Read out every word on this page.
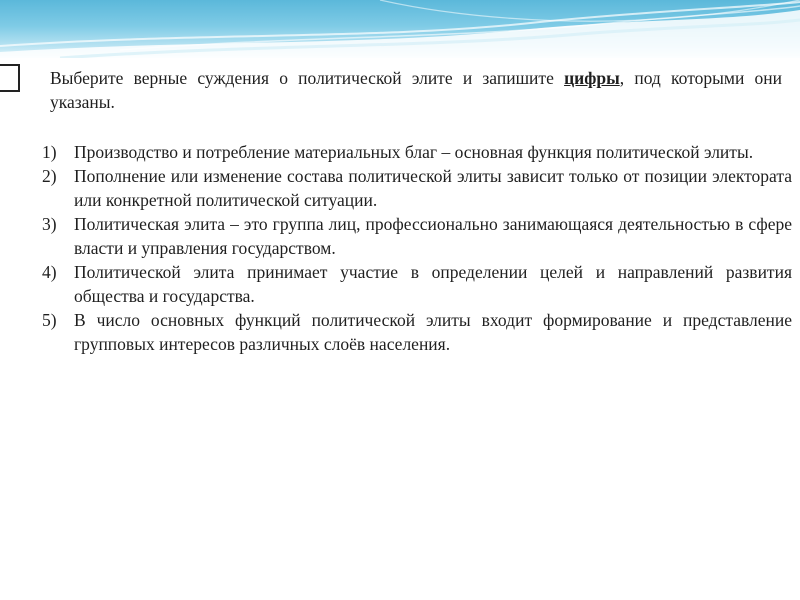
Выберите верные суждения о политической элите и запишите цифры, под которыми они указаны.
1) Производство и потребление материальных благ – основная функция политической элиты.
2) Пополнение или изменение состава политической элиты зависит только от позиции электората или конкретной политической ситуации.
3) Политическая элита – это группа лиц, профессионально занимающаяся деятельностью в сфере власти и управления государством.
4) Политической элита принимает участие в определении целей и направлений развития общества и государства.
5) В число основных функций политической элиты входит формирование и представление групповых интересов различных слоёв населения.
